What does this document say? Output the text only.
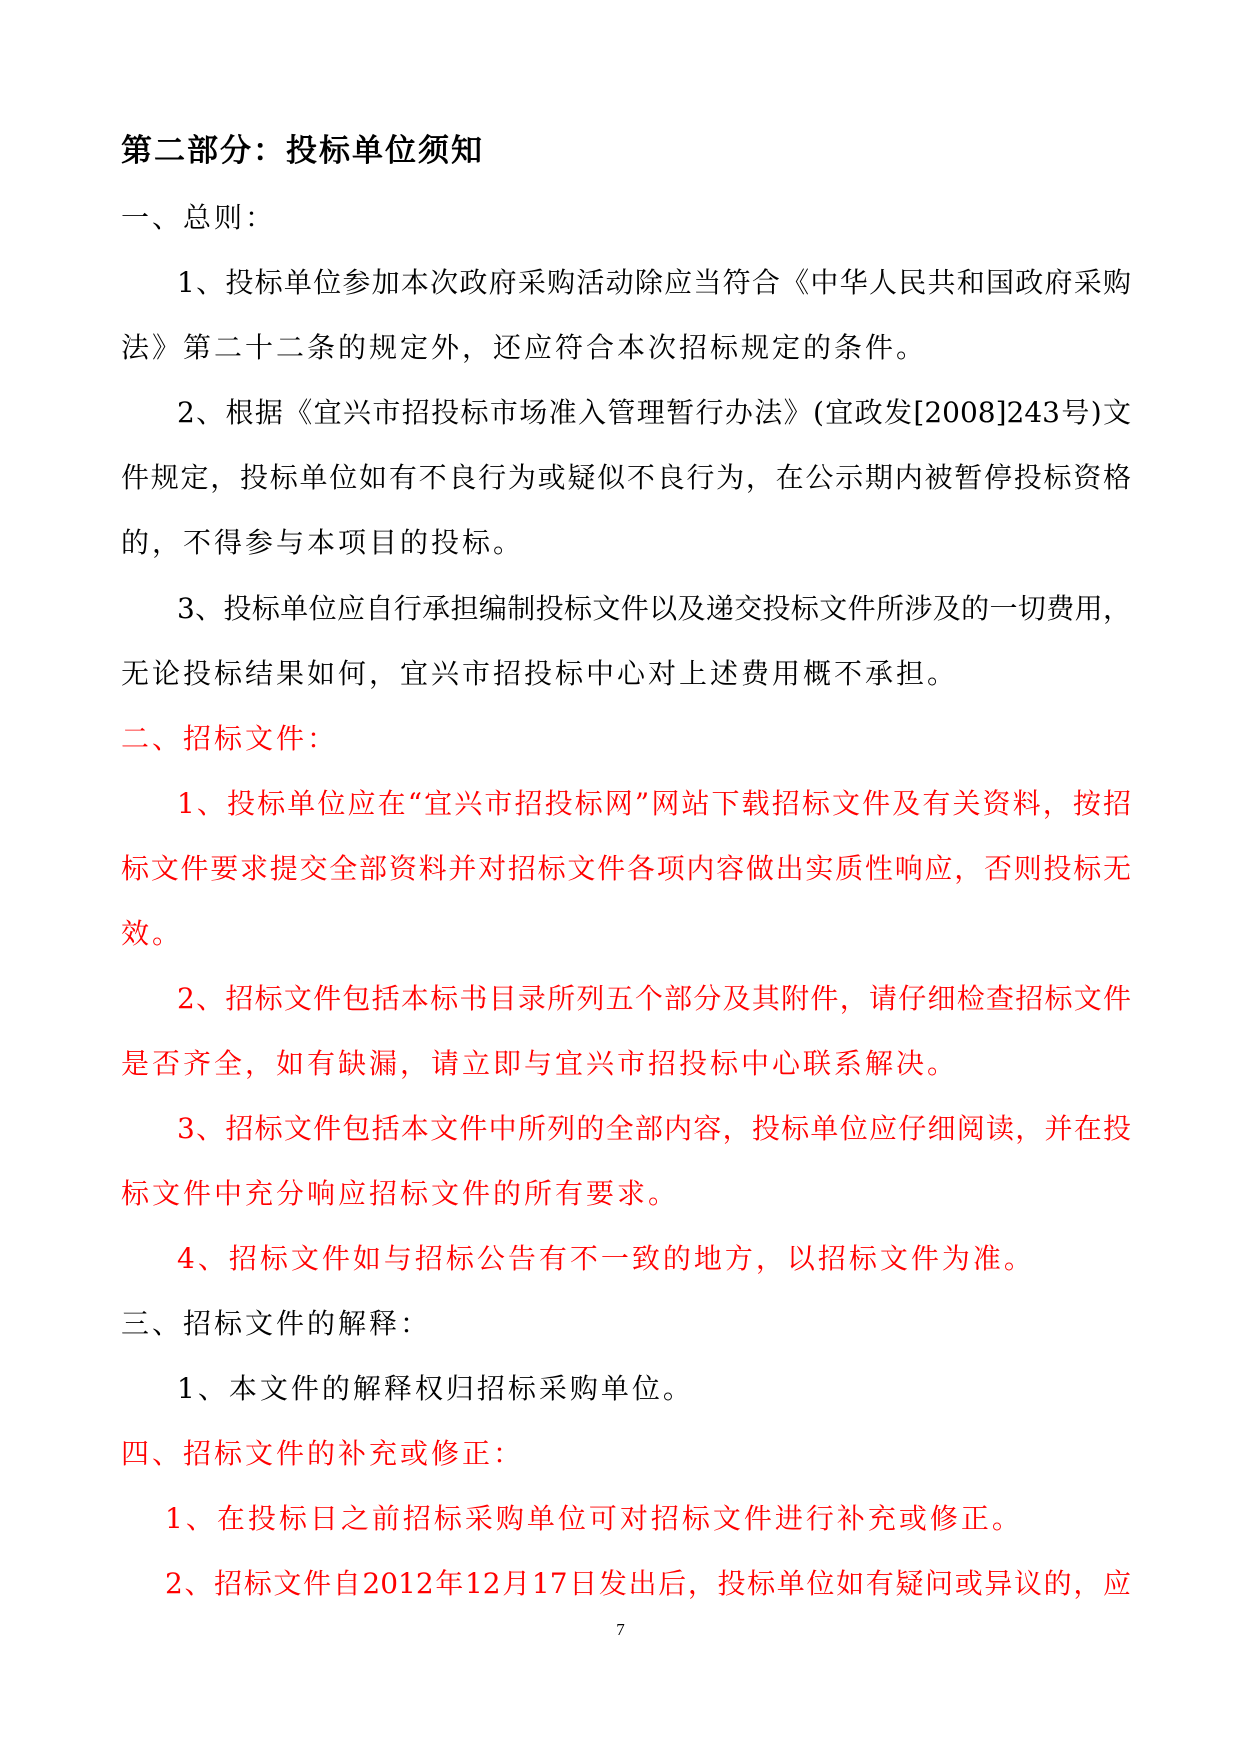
第二部分：投标单位须知
一、总则：
1、投标单位参加本次政府采购活动除应当符合《中华人民共和国政府采购
法》第二十二条的规定外，还应符合本次招标规定的条件。
2、根据《宜兴市招投标市场准入管理暂行办法》(宜政发[2008]243号)文
件规定，投标单位如有不良行为或疑似不良行为，在公示期内被暂停投标资格
的，不得参与本项目的投标。
3、投标单位应自行承担编制投标文件以及递交投标文件所涉及的一切费用，
无论投标结果如何，宜兴市招投标中心对上述费用概不承担。
二、招标文件：
1、投标单位应在“宜兴市招投标网”网站下载招标文件及有关资料，按招
标文件要求提交全部资料并对招标文件各项内容做出实质性响应，否则投标无
效。
2、招标文件包括本标书目录所列五个部分及其附件，请仔细检查招标文件
是否齐全，如有缺漏，请立即与宜兴市招投标中心联系解决。
3、招标文件包括本文件中所列的全部内容，投标单位应仔细阅读，并在投
标文件中充分响应招标文件的所有要求。
4、招标文件如与招标公告有不一致的地方，以招标文件为准。
三、招标文件的解释：
1、本文件的解释权归招标采购单位。
四、招标文件的补充或修正：
1、在投标日之前招标采购单位可对招标文件进行补充或修正。
2、招标文件自2012年12月17日发出后，投标单位如有疑问或异议的，应
7
